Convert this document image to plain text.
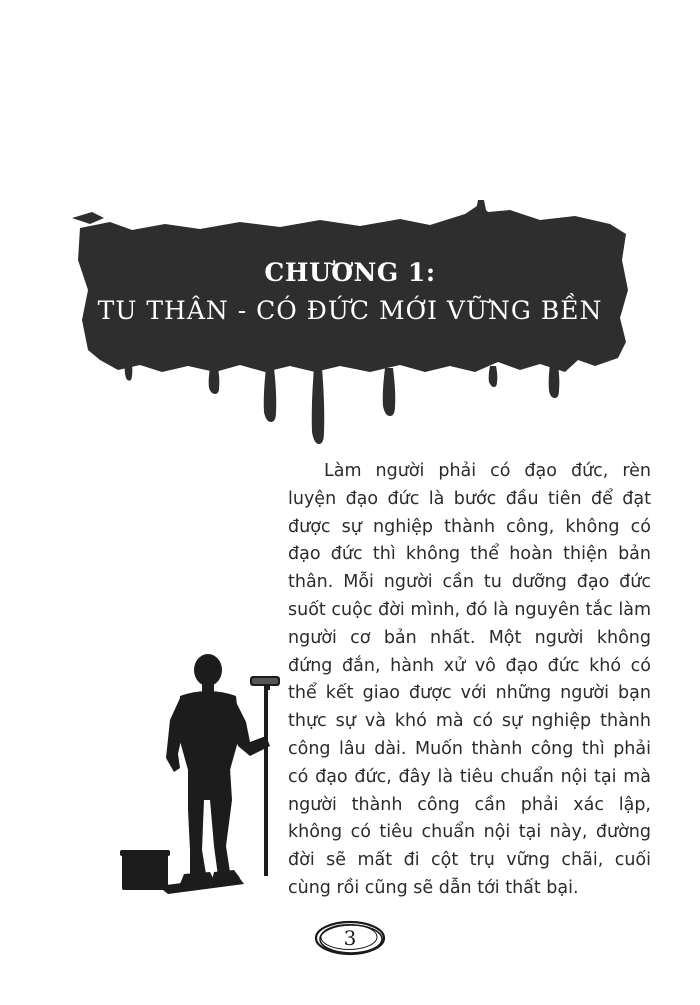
CHƯƠNG 1:
TU THÂN - CÓ ĐỨC MỚI VỮNG BỀN

Làm người phải có đạo đức, rèn luyện đạo đức là bước đầu tiên để đạt được sự nghiệp thành công, không có đạo đức thì không thể hoàn thiện bản thân. Mỗi người cần tu dưỡng đạo đức suốt cuộc đời mình, đó là nguyên tắc làm người cơ bản nhất. Một người không đứng đắn, hành xử vô đạo đức khó có thể kết giao được với những người bạn thực sự và khó mà có sự nghiệp thành công lâu dài. Muốn thành công thì phải có đạo đức, đây là tiêu chuẩn nội tại mà người thành công cần phải xác lập, không có tiêu chuẩn nội tại này, đường đời sẽ mất đi cột trụ vững chãi, cuối cùng rồi cũng sẽ dẫn tới thất bại.

3
